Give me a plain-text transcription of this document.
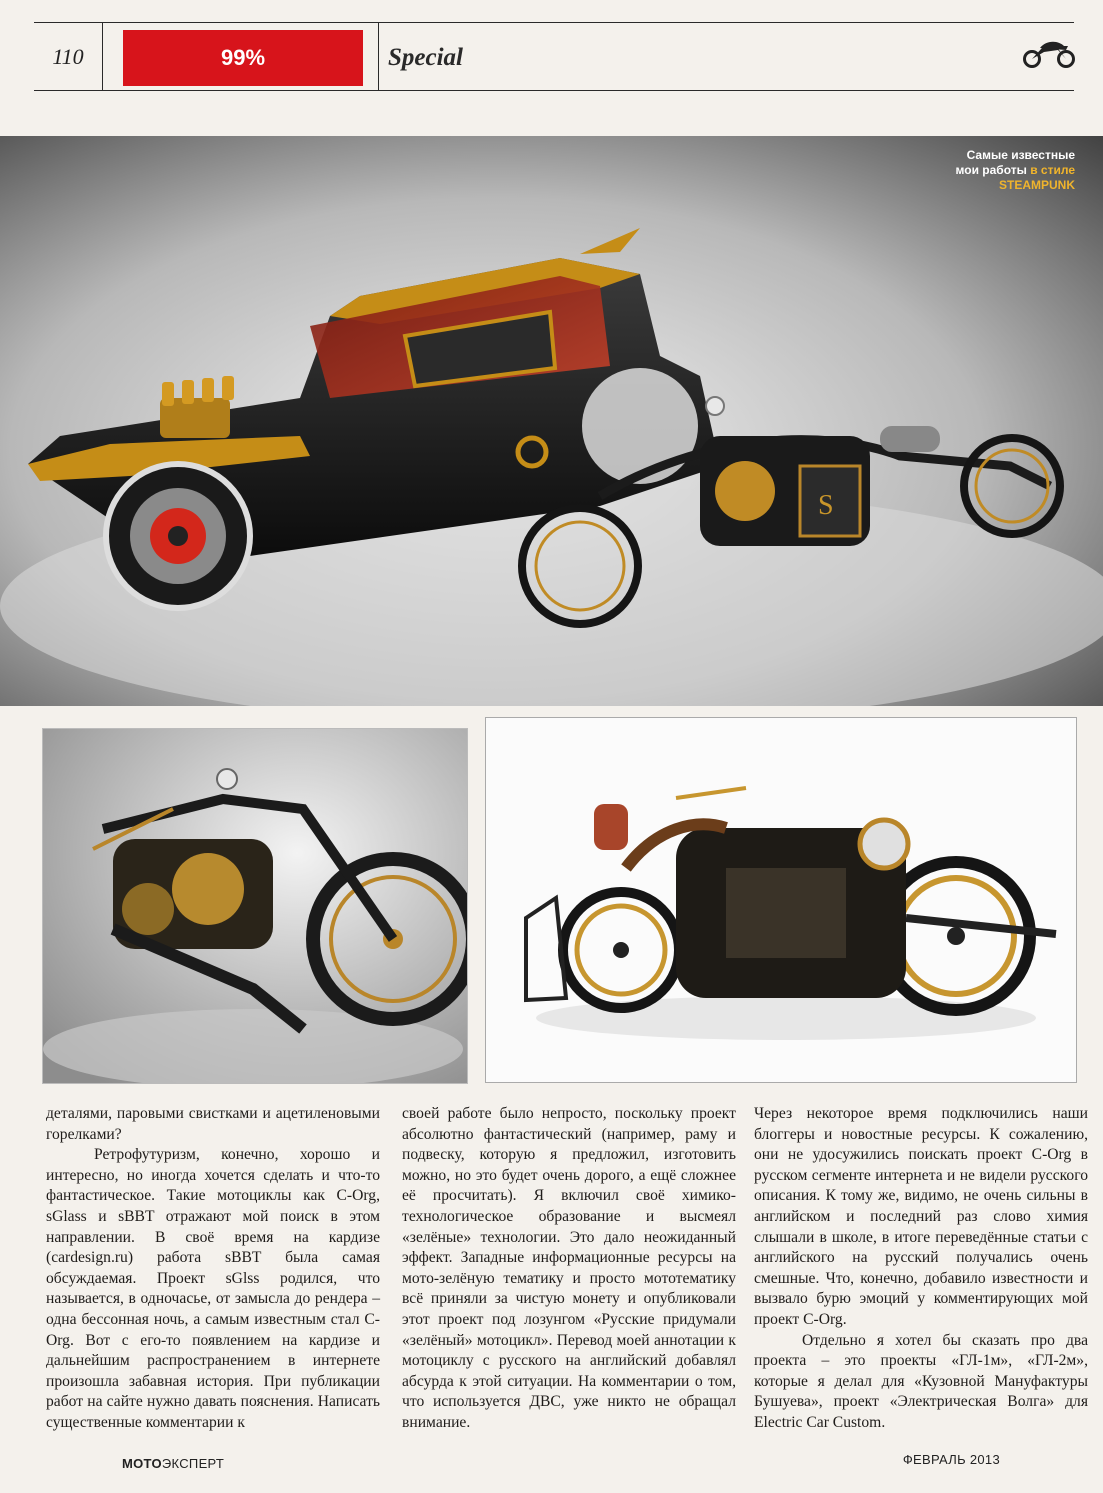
110	99%	Special
S
Самые известные
мои работы в стиле
STEAMPUNK

деталями, паровыми свистками и ацетиленовыми горелками?

Ретрофутуризм, конечно, хорошо и интересно, но иногда хочется сделать и что-то фантастическое. Такие мотоциклы как C-Org, sGlass и sBBT отражают мой поиск в этом направлении. В своё время на кардизе (cardesign.ru) работа sBBT была самая обсуждаемая. Проект sGlss родился, что называется, в одночасье, от замысла до рендера – одна бессонная ночь, а самым известным стал C-Org. Вот с его-то появлением на кардизе и дальнейшим распространением в интернете произошла забавная история. При публикации работ на сайте нужно давать пояснения. Написать существенные комментарии к

своей работе было непросто, поскольку проект абсолютно фантастический (например, раму и подвеску, которую я предложил, изготовить можно, но это будет очень дорого, а ещё сложнее её просчитать). Я включил своё химико-технологическое образование и высмеял «зелёные» технологии. Это дало неожиданный эффект. Западные информационные ресурсы на мото-зелёную тематику и просто мототематику всё приняли за чистую монету и опубликовали этот проект под лозунгом «Русские придумали «зелёный» мотоцикл». Перевод моей аннотации к мотоциклу с русского на английский добавлял абсурда к этой ситуации. На комментарии о том, что используется ДВС, уже никто не обращал внимание.

Через некоторое время подключились наши блоггеры и новостные ресурсы. К сожалению, они не удосужились поискать проект C-Org в русском сегменте интернета и не видели русского описания. К тому же, видимо, не очень сильны в английском и последний раз слово химия слышали в школе, в итоге переведённые статьи с английского на русский получались очень смешные. Что, конечно, добавило известности и вызвало бурю эмоций у комментирующих мой проект C-Org.

Отдельно я хотел бы сказать про два проекта – это проекты «ГЛ-1м», «ГЛ-2м», которые я делал для «Кузовной Мануфактуры Бушуева», проект «Электрическая Волга» для Electric Car Custom.

МОТОЭКСПЕРТ	ФЕВРАЛЬ 2013
